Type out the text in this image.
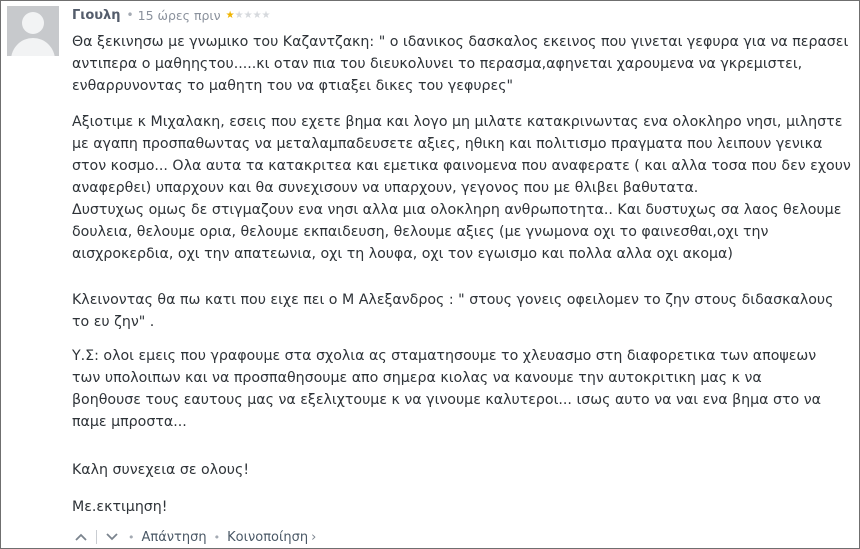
Γιουλη • 15 ώρες πριν ★★★★★

Θα ξεκινησω με γνωμικο του Καζαντζακη: " ο ιδανικος δασκαλος εκεινος που γινεται γεφυρα για να περασει
αντιπερα ο μαθηηςτου.....κι οταν πια του διευκολυνει το περασμα,αφηνεται χαρουμενα να γκρεμιστει,
ενθαρρυνοντας το μαθητη του να φτιαξει δικες του γεφυρες"

Αξιοτιμε κ Μιχαλακη, εσεις που εχετε βημα και λογο μη μιλατε κατακρινωντας ενα ολοκληρο νησι, μιληστε
με αγαπη προσπαθωντας να μεταλαμπαδευσετε αξιες, ηθικη και πολιτισμο πραγματα που λειπουν γενικα
στον κοσμο... Ολα αυτα τα κατακριτεα και εμετικα φαινομενα που αναφερατε ( και αλλα τοσα που δεν εχουν
αναφερθει) υπαρχουν και θα συνεχισουν να υπαρχουν, γεγονος που με θλιβει βαθυτατα.
Δυστυχως ομως δε στιγμαζουν ενα νησι αλλα μια ολοκληρη ανθρωποτητα.. Και δυστυχως σα λαος θελουμε
δουλεια, θελουμε ορια, θελουμε εκπαιδευση, θελουμε αξιες (με γνωμονα οχι το φαινεσθαι,οχι την
αισχροκερδια, οχι την απατεωνια, οχι τη λουφα, οχι τον εγωισμο και πολλα αλλα οχι ακομα)

Κλεινοντας θα πω κατι που ειχε πει ο Μ Αλεξανδρος : " στους γονεις οφειλομεν το ζην στους διδασκαλους
το ευ ζην" .

Υ.Σ: ολοι εμεις που γραφουμε στα σχολια ας σταματησουμε το χλευασμο στη διαφορετικα των αποψεων
των υπολοιπων και να προσπαθησουμε απο σημερα κιολας να κανουμε την αυτοκριτικη μας κ να
βοηθουσε τους εαυτους μας να εξελιχτουμε κ να γινουμε καλυτεροι... ισως αυτο να ναι ενα βημα στο να
παμε μπροστα...

Καλη συνεχεια σε ολους!

Με.εκτιμηση!

• Απάντηση • Κοινοποίηση ›
